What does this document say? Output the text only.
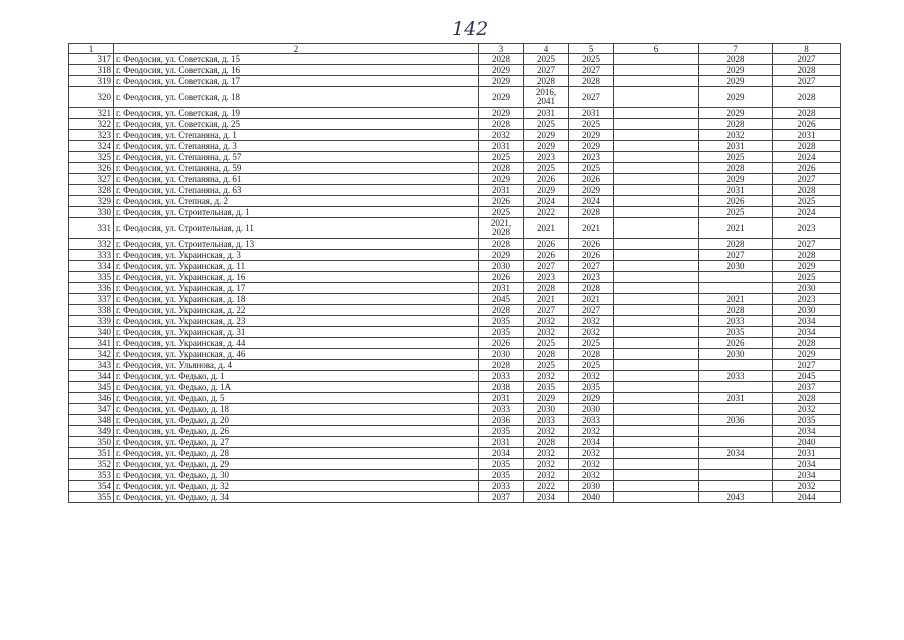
142
1	2	3	4	5	6	7	8
317	г. Феодосия, ул. Советская, д. 15	2028	2025	2025		2028	2027
318	г. Феодосия, ул. Советская, д. 16	2029	2027	2027		2029	2028
319	г. Феодосия, ул. Советская, д. 17	2029	2028	2028		2029	2027
320	г. Феодосия, ул. Советская, д. 18	2029	2016, 2041	2027		2029	2028
321	г. Феодосия, ул. Советская, д. 19	2029	2031	2031		2029	2028
322	г. Феодосия, ул. Советская, д. 25	2028	2025	2025		2028	2026
323	г. Феодосия, ул. Степаняна, д. 1	2032	2029	2029		2032	2031
324	г. Феодосия, ул. Степаняна, д. 3	2031	2029	2029		2031	2028
325	г. Феодосия, ул. Степаняна, д. 57	2025	2023	2023		2025	2024
326	г. Феодосия, ул. Степаняна, д. 59	2028	2025	2025		2028	2026
327	г. Феодосия, ул. Степаняна, д. 61	2029	2026	2026		2029	2027
328	г. Феодосия, ул. Степаняна, д. 63	2031	2029	2029		2031	2028
329	г. Феодосия, ул. Степная, д. 2	2026	2024	2024		2026	2025
330	г. Феодосия, ул. Строительная, д. 1	2025	2022	2028		2025	2024
331	г. Феодосия, ул. Строительная, д. 11	2021, 2028	2021	2021		2021	2023
332	г. Феодосия, ул. Строительная, д. 13	2028	2026	2026		2028	2027
333	г. Феодосия, ул. Украинская, д. 3	2029	2026	2026		2027	2028
334	г. Феодосия, ул. Украинская, д. 11	2030	2027	2027		2030	2029
335	г. Феодосия, ул. Украинская, д. 16	2026	2023	2023			2025
336	г. Феодосия, ул. Украинская, д. 17	2031	2028	2028			2030
337	г. Феодосия, ул. Украинская, д. 18	2045	2021	2021		2021	2023
338	г. Феодосия, ул. Украинская, д. 22	2028	2027	2027		2028	2030
339	г. Феодосия, ул. Украинская, д. 23	2035	2032	2032		2033	2034
340	г. Феодосия, ул. Украинская, д. 31	2035	2032	2032		2035	2034
341	г. Феодосия, ул. Украинская, д. 44	2026	2025	2025		2026	2028
342	г. Феодосия, ул. Украинская, д. 46	2030	2028	2028		2030	2029
343	г. Феодосия, ул. Ульянова, д. 4	2028	2025	2025			2027
344	г. Феодосия, ул. Федько, д. 1	2033	2032	2032		2033	2045
345	г. Феодосия, ул. Федько, д. 1А	2038	2035	2035			2037
346	г. Феодосия, ул. Федько, д. 5	2031	2029	2029		2031	2028
347	г. Феодосия, ул. Федько, д. 18	2033	2030	2030			2032
348	г. Феодосия, ул. Федько, д. 20	2036	2033	2033		2036	2035
349	г. Феодосия, ул. Федько, д. 26	2035	2032	2032			2034
350	г. Феодосия, ул. Федько, д. 27	2031	2028	2034			2040
351	г. Феодосия, ул. Федько, д. 28	2034	2032	2032		2034	2031
352	г. Феодосия, ул. Федько, д. 29	2035	2032	2032			2034
353	г. Феодосия, ул. Федько, д. 30	2035	2032	2032			2034
354	г. Феодосия, ул. Федько, д. 32	2033	2022	2030			2032
355	г. Феодосия, ул. Федько, д. 34	2037	2034	2040		2043	2044
